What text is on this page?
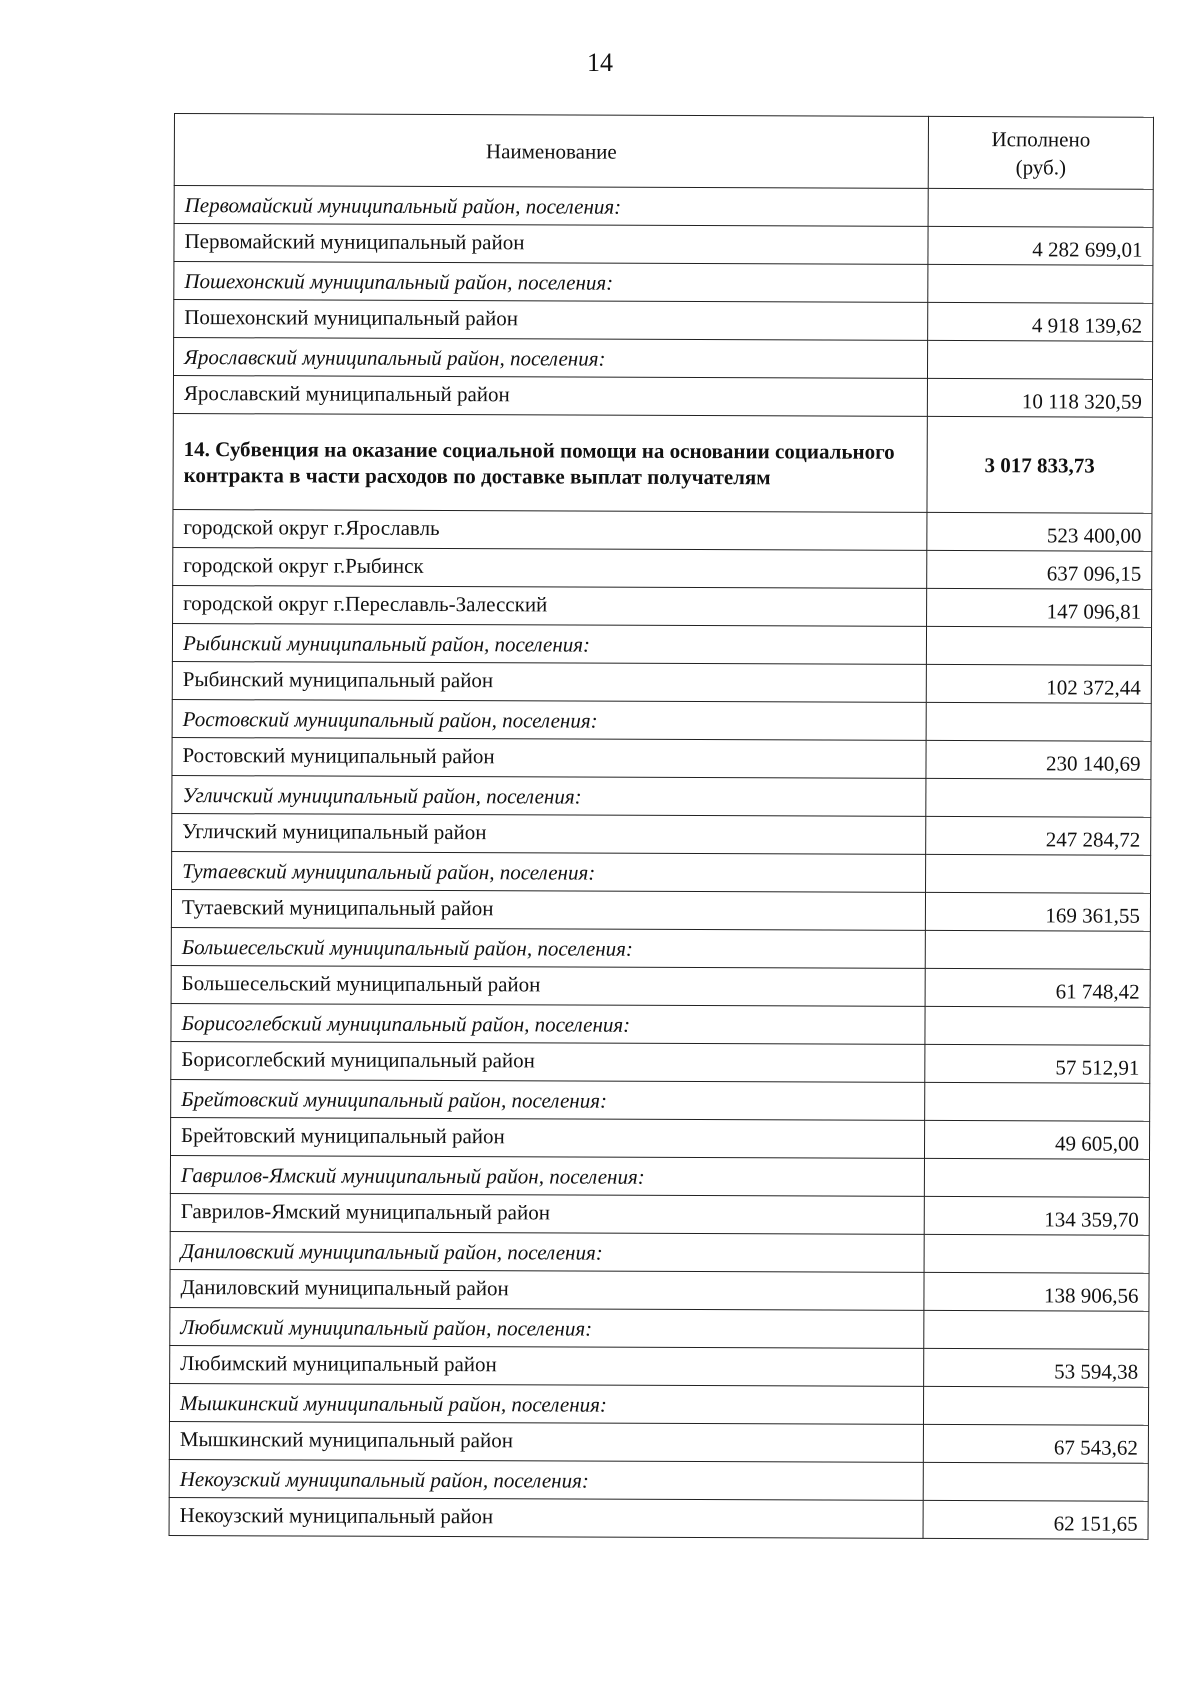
14

Наименование	Исполнено
(руб.)
Первомайский муниципальный район, поселения:	
Первомайский муниципальный район	4 282 699,01
Пошехонский муниципальный район, поселения:	
Пошехонский муниципальный район	4 918 139,62
Ярославский муниципальный район, поселения:	
Ярославский муниципальный район	10 118 320,59
14. Субвенция на оказание социальной помощи на основании социального контракта в части расходов по доставке выплат получателям	3 017 833,73
городской округ г.Ярославль	523 400,00
городской округ г.Рыбинск	637 096,15
городской округ г.Переславль-Залесский	147 096,81
Рыбинский муниципальный район, поселения:	
Рыбинский муниципальный район	102 372,44
Ростовский муниципальный район, поселения:	
Ростовский муниципальный район	230 140,69
Угличский муниципальный район, поселения:	
Угличский муниципальный район	247 284,72
Тутаевский муниципальный район, поселения:	
Тутаевский муниципальный район	169 361,55
Большесельский муниципальный район, поселения:	
Большесельский муниципальный район	61 748,42
Борисоглебский муниципальный район, поселения:	
Борисоглебский муниципальный район	57 512,91
Брейтовский муниципальный район, поселения:	
Брейтовский муниципальный район	49 605,00
Гаврилов-Ямский муниципальный район, поселения:	
Гаврилов-Ямский муниципальный район	134 359,70
Даниловский муниципальный район, поселения:	
Даниловский муниципальный район	138 906,56
Любимский муниципальный район, поселения:	
Любимский муниципальный район	53 594,38
Мышкинский муниципальный район, поселения:	
Мышкинский муниципальный район	67 543,62
Некоузский муниципальный район, поселения:	
Некоузский муниципальный район	62 151,65
